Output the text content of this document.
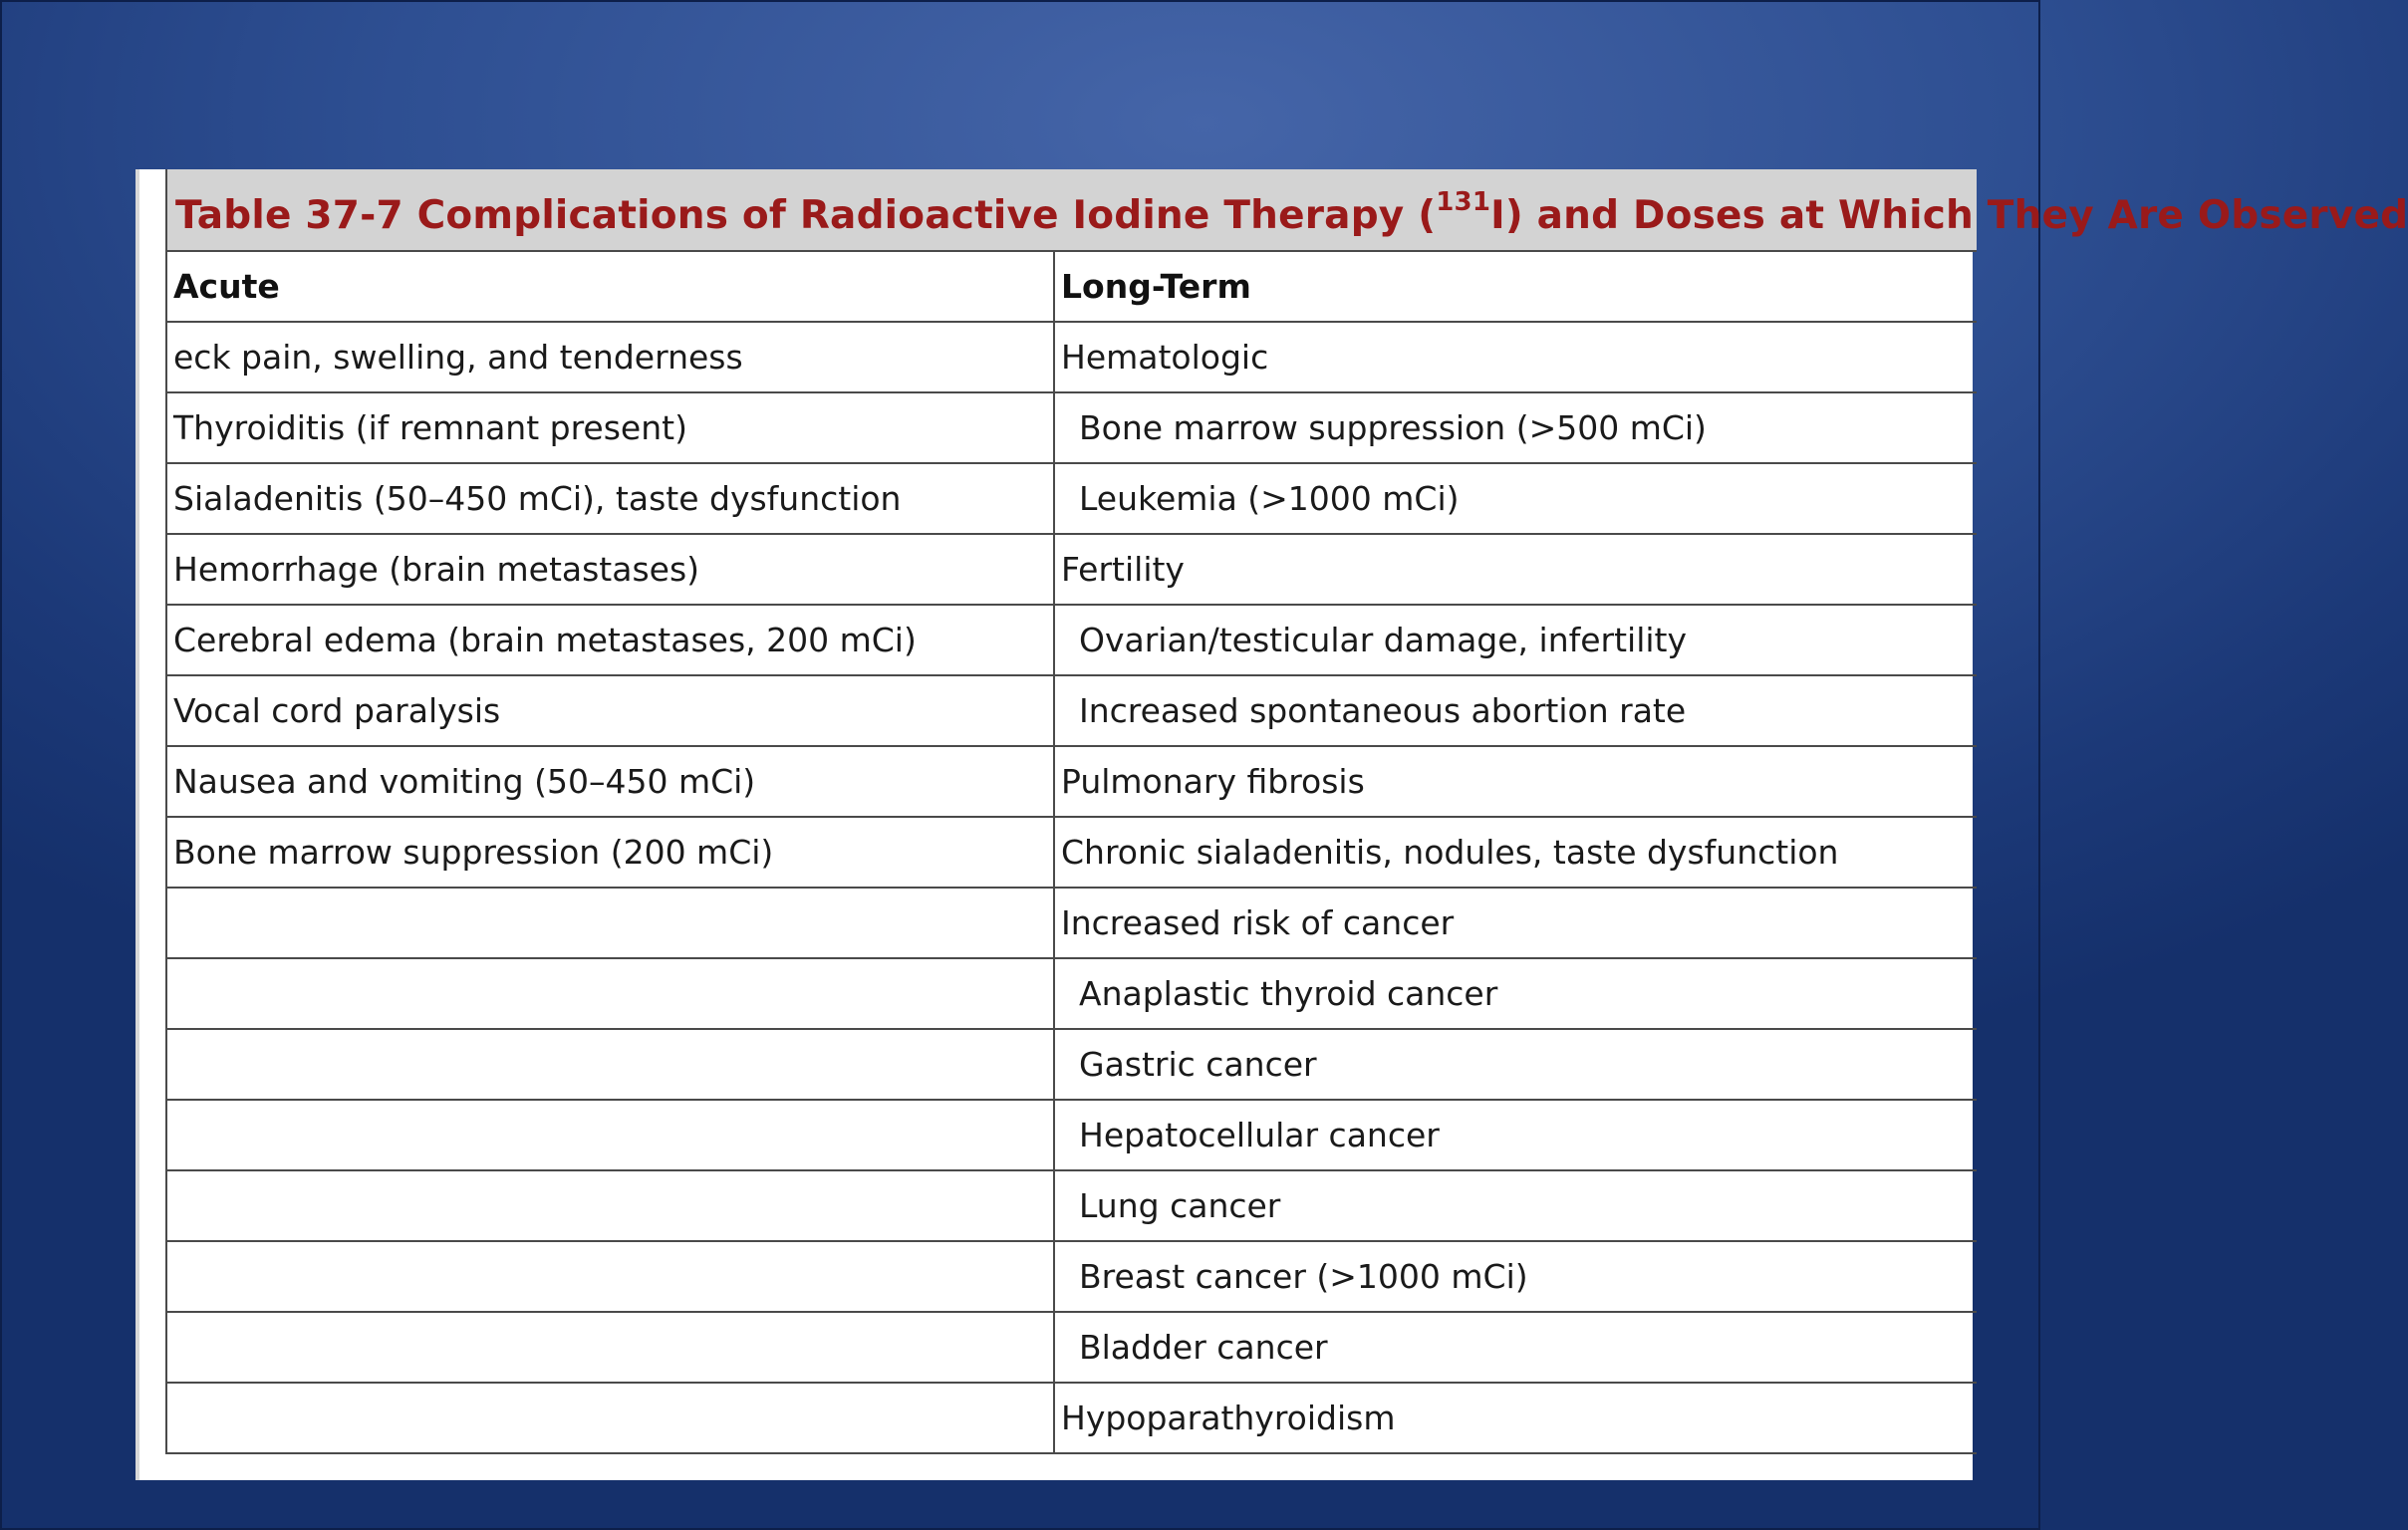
Table 37-7 Complications of Radioactive Iodine Therapy ($^{131}$I) and Doses at Which They Are Observed
Acute	Long-Term
eck pain, swelling, and tenderness	Hematologic
Thyroiditis (if remnant present)	Bone marrow suppression (>500 mCi)
Sialadenitis (50–450 mCi), taste dysfunction	Leukemia (>1000 mCi)
Hemorrhage (brain metastases)	Fertility
Cerebral edema (brain metastases, 200 mCi)	Ovarian/testicular damage, infertility
Vocal cord paralysis	Increased spontaneous abortion rate
Nausea and vomiting (50–450 mCi)	Pulmonary fibrosis
Bone marrow suppression (200 mCi)	Chronic sialadenitis, nodules, taste dysfunction
	Increased risk of cancer
	Anaplastic thyroid cancer
	Gastric cancer
	Hepatocellular cancer
	Lung cancer
	Breast cancer (>1000 mCi)
	Bladder cancer
	Hypoparathyroidism
